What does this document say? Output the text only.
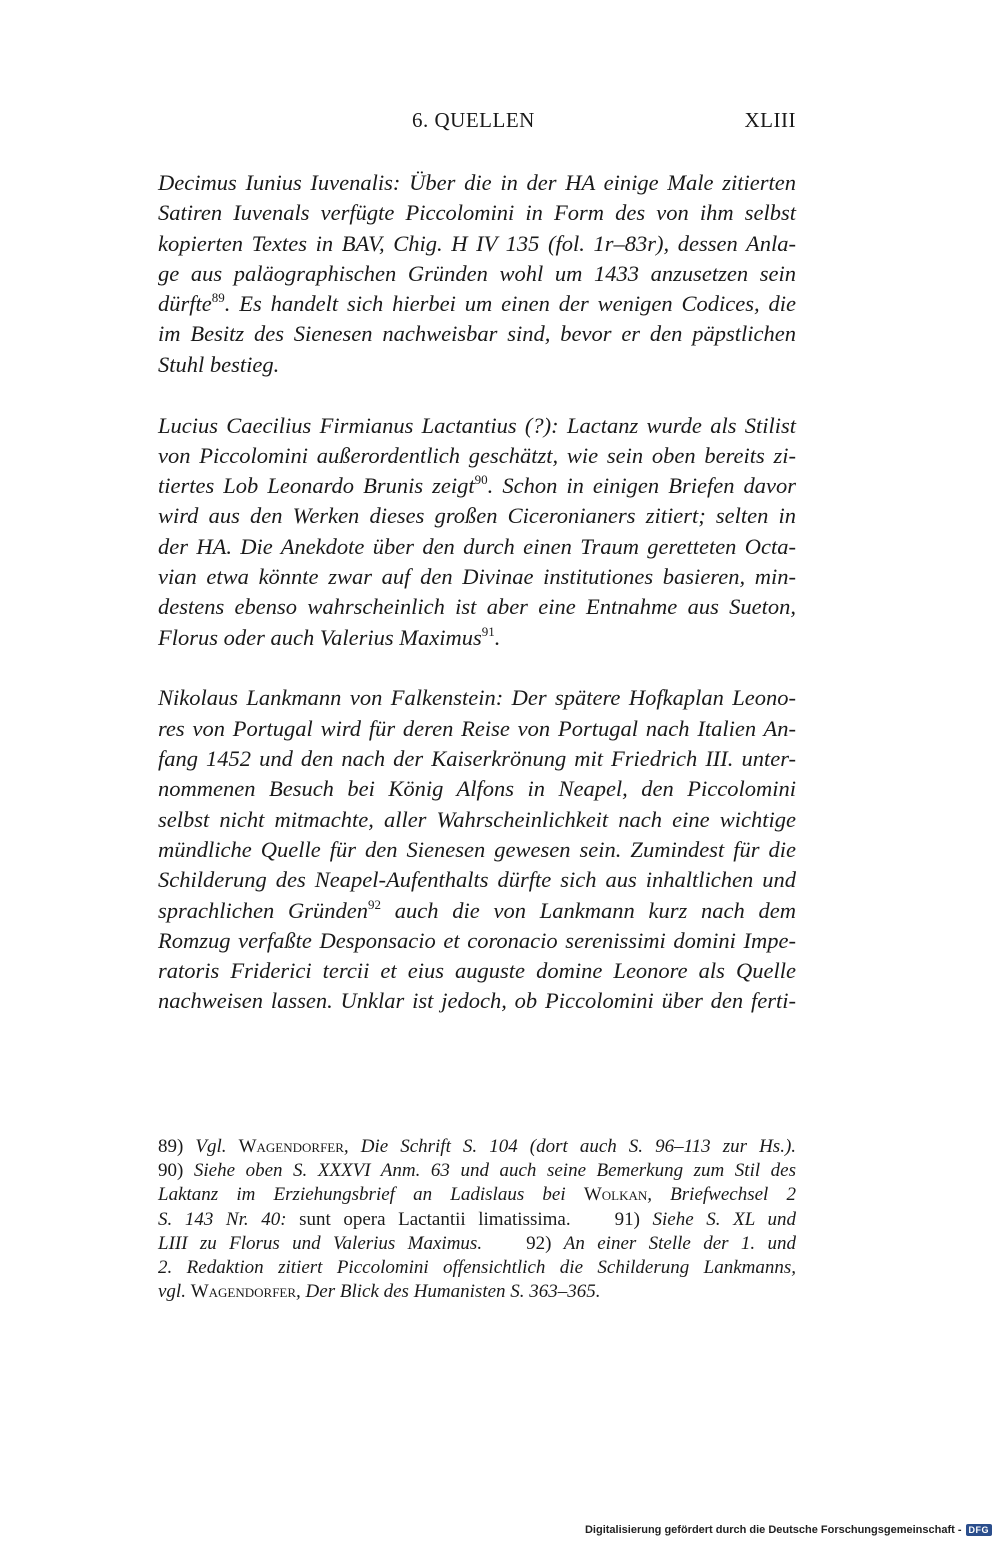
6. QUELLEN	XLIII
Decimus Iunius Iuvenalis: Über die in der HA einige Male zitierten
Satiren Iuvenals verfügte Piccolomini in Form des von ihm selbst
kopierten Textes in BAV, Chig. H IV 135 (fol. 1r–83r), dessen Anla-
ge aus paläographischen Gründen wohl um 1433 anzusetzen sein
dürfte$^{89}$. Es handelt sich hierbei um einen der wenigen Codices, die
im Besitz des Sienesen nachweisbar sind, bevor er den päpstlichen
Stuhl bestieg.
Lucius Caecilius Firmianus Lactantius (?): Lactanz wurde als Stilist
von Piccolomini außerordentlich geschätzt, wie sein oben bereits zi-
tiertes Lob Leonardo Brunis zeigt$^{90}$. Schon in einigen Briefen davor
wird aus den Werken dieses großen Ciceronianers zitiert; selten in
der HA. Die Anekdote über den durch einen Traum geretteten Octa-
vian etwa könnte zwar auf den Divinae institutiones basieren, min-
destens ebenso wahrscheinlich ist aber eine Entnahme aus Sueton,
Florus oder auch Valerius Maximus$^{91}$.
Nikolaus Lankmann von Falkenstein: Der spätere Hofkaplan Leono-
res von Portugal wird für deren Reise von Portugal nach Italien An-
fang 1452 und den nach der Kaiserkrönung mit Friedrich III. unter-
nommenen Besuch bei König Alfons in Neapel, den Piccolomini
selbst nicht mitmachte, aller Wahrscheinlichkeit nach eine wichtige
mündliche Quelle für den Sienesen gewesen sein. Zumindest für die
Schilderung des Neapel-Aufenthalts dürfte sich aus inhaltlichen und
sprachlichen Gründen$^{92}$ auch die von Lankmann kurz nach dem
Romzug verfaßte Desponsacio et coronacio serenissimi domini Impe-
ratoris Friderici tercii et eius auguste domine Leonore als Quelle
nachweisen lassen. Unklar ist jedoch, ob Piccolomini über den ferti-
89) Vgl. Wagendorfer, Die Schrift S. 104 (dort auch S. 96–113 zur Hs.).
90) Siehe oben S. XXXVI Anm. 63 und auch seine Bemerkung zum Stil des
Laktanz im Erziehungsbrief an Ladislaus bei Wolkan, Briefwechsel 2
S. 143 Nr. 40: sunt opera Lactantii limatissima. 91) Siehe S. XL und
LIII zu Florus und Valerius Maximus. 92) An einer Stelle der 1. und
2. Redaktion zitiert Piccolomini offensichtlich die Schilderung Lankmanns,
vgl. Wagendorfer, Der Blick des Humanisten S. 363–365.
Digitalisierung gefördert durch die Deutsche Forschungsgemeinschaft - DFG
